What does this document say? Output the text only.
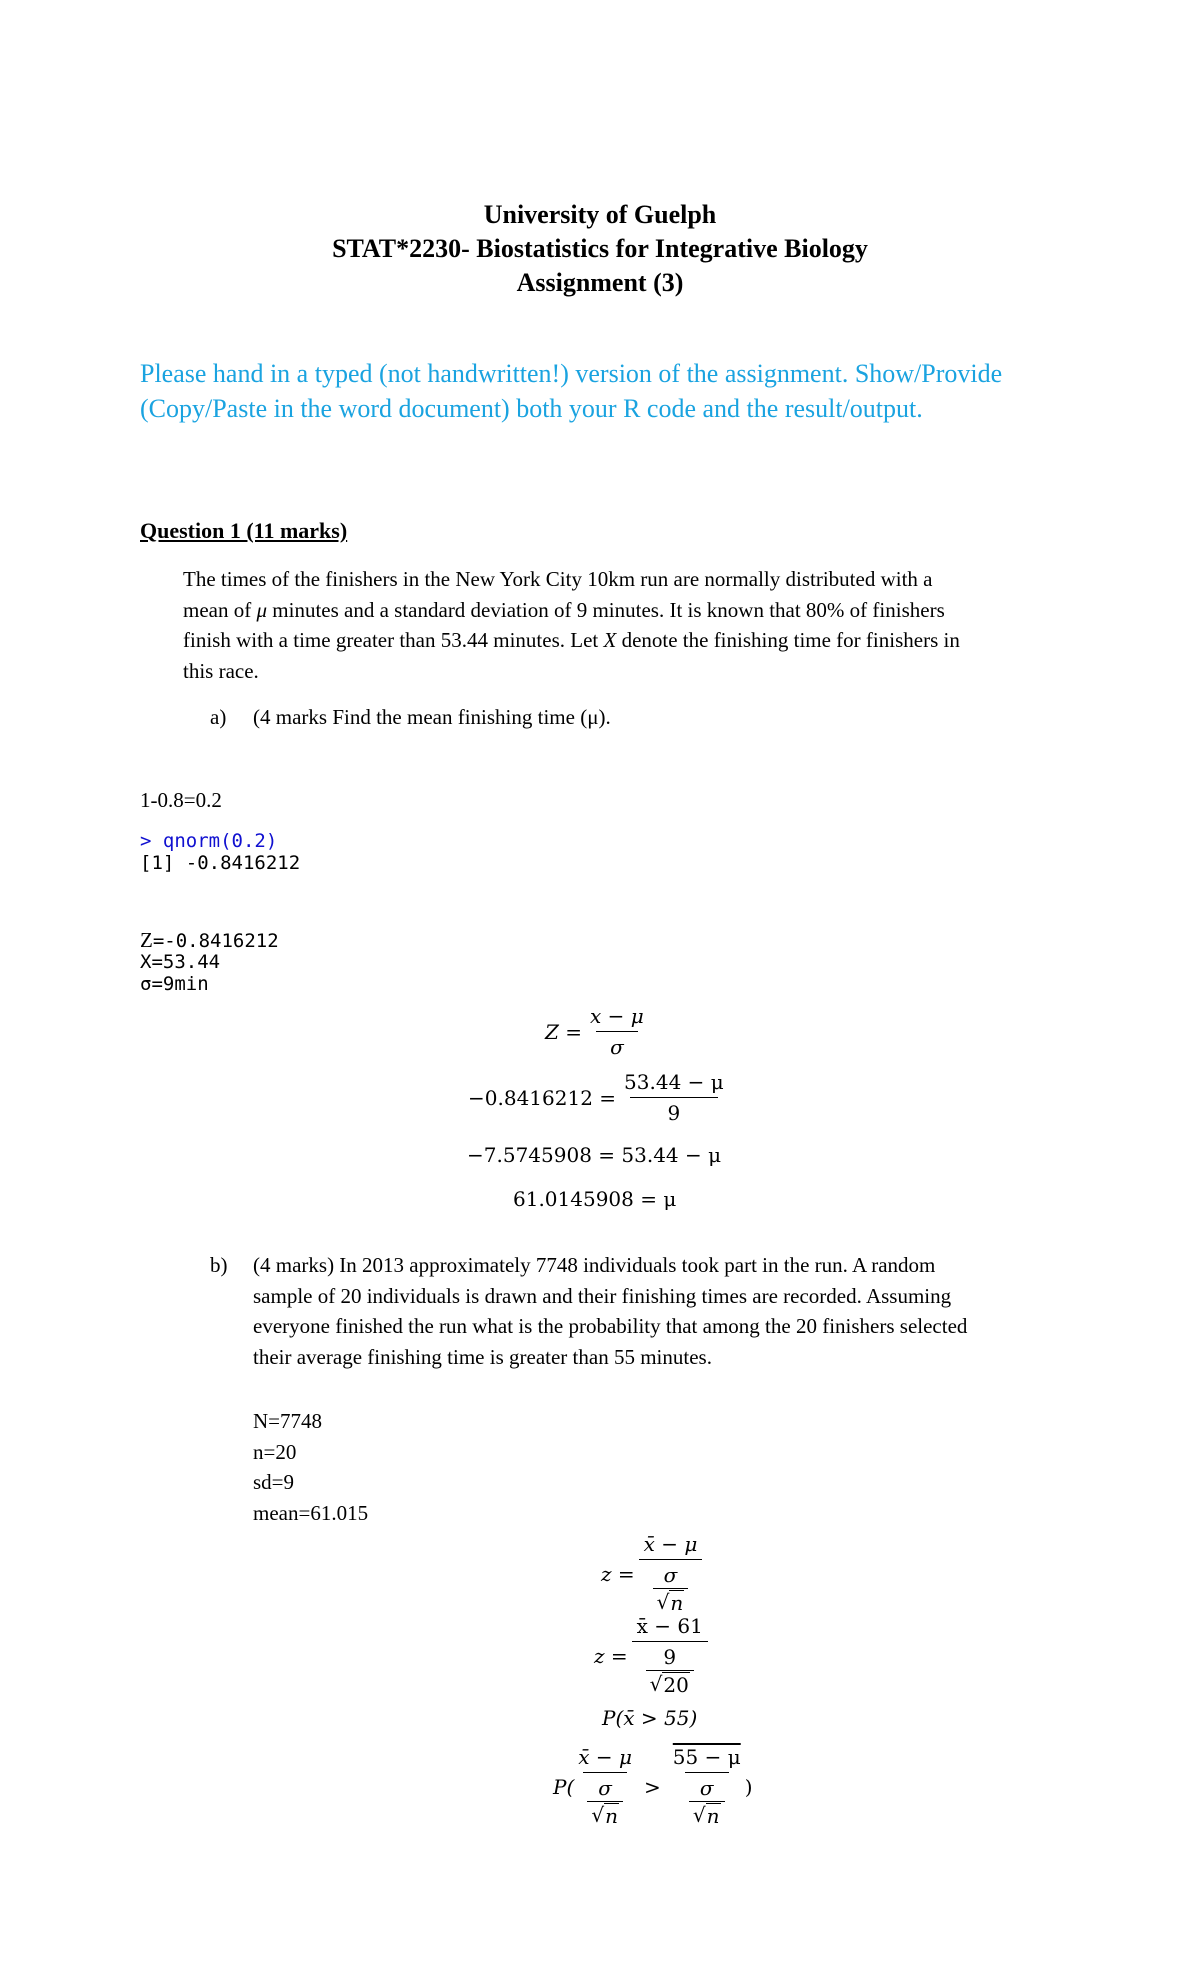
University of Guelph
STAT*2230- Biostatistics for Integrative Biology
Assignment (3)
Please hand in a typed (not handwritten!) version of the assignment. Show/Provide (Copy/Paste in the word document) both your R code and the result/output.
Question 1 (11 marks)
The times of the finishers in the New York City 10km run are normally distributed with a
mean of μ minutes and a standard deviation of 9 minutes. It is known that 80% of finishers
finish with a time greater than 53.44 minutes. Let X denote the finishing time for finishers in
this race.
a) (4 marks Find the mean finishing time (μ).
1-0.8=0.2
> qnorm(0.2)
[1] -0.8416212
Z=-0.8416212
X=53.44
σ=9min
$Z = \frac{x - \mu}{\sigma}$
$-0.8416212 = \frac{53.44 - \mu}{9}$
−7.5745908 = 53.44 − μ
61.0145908 = μ
b) (4 marks) In 2013 approximately 7748 individuals took part in the run. A random
sample of 20 individuals is drawn and their finishing times are recorded. Assuming
everyone finished the run what is the probability that among the 20 finishers selected
their average finishing time is greater than 55 minutes.
N=7748
n=20
sd=9
mean=61.015
$z = \frac{x̄ - \mu}{\frac{\sigma}{√ n}}$
$z = \frac{x̄ - 61}{\frac{9}{√ 20}}$
P(x̄ > 55)
$P( \frac{x̄ - \mu}{\frac{\sigma}{√ n}} > \frac{55 - \mu}{\frac{\sigma}{√ n}}$ )
